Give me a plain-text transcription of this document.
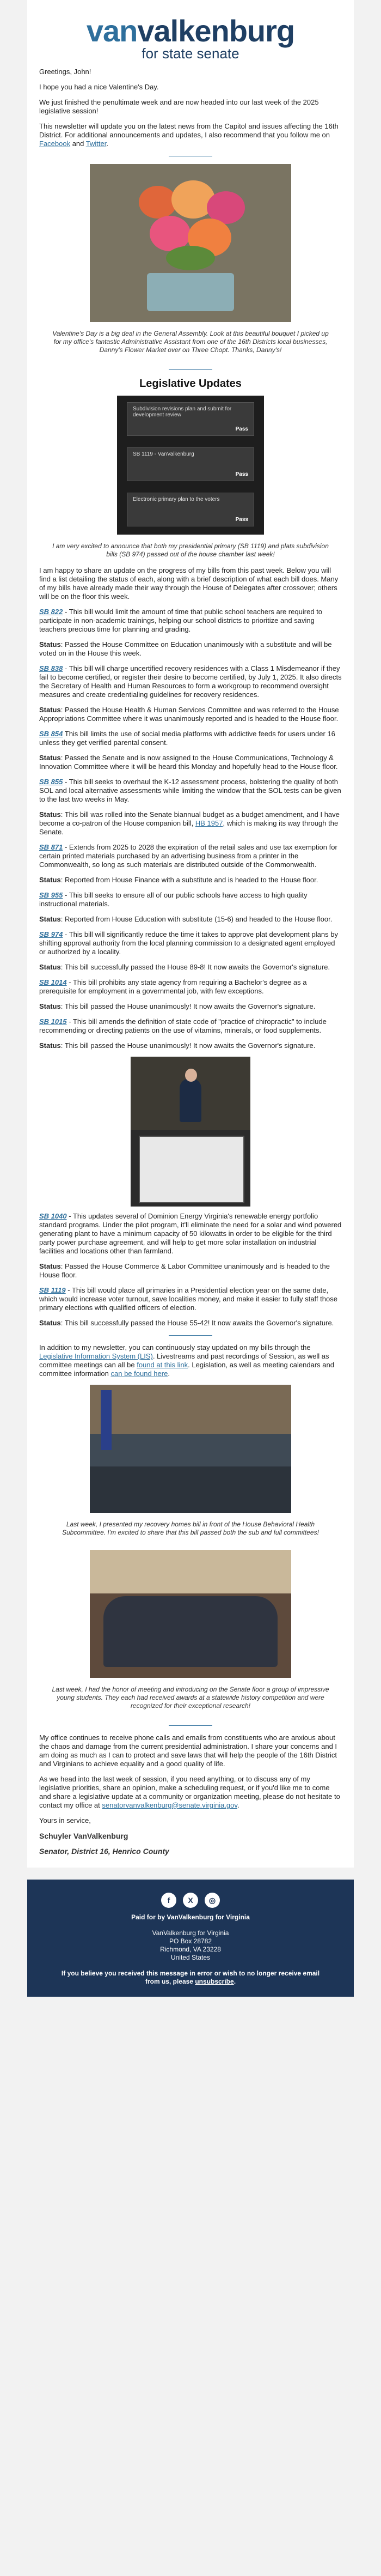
vanvalkenburg
for state senate

Greetings, John!

I hope you had a nice Valentine's Day.

We just finished the penultimate week and are now headed into our last week of the 2025 legislative session!

This newsletter will update you on the latest news from the Capitol and issues affecting the 16th District. For additional announcements and updates, I also recommend that you follow me on Facebook and Twitter.

Valentine's Day is a big deal in the General Assembly. Look at this beautiful bouquet I picked up for my office's fantastic Administrative Assistant from one of the 16th Districts local businesses, Danny's Flower Market over on Three Chopt. Thanks, Danny's!
Legislative Updates
Subdivision revisions plan and submit for development review
Pass
SB 1119 - VanValkenburg
Pass
Electronic primary plan to the voters
Pass
I am very excited to announce that both my presidential primary (SB 1119) and plats subdivision bills (SB 974) passed out of the house chamber last week!

I am happy to share an update on the progress of my bills from this past week. Below you will find a list detailing the status of each, along with a brief description of what each bill does. Many of my bills have already made their way through the House of Delegates after crossover; others will be on the floor this week.

SB 822 - This bill would limit the amount of time that public school teachers are required to participate in non-academic trainings, helping our school districts to prioritize and saving teachers precious time for planning and grading.

Status: Passed the House Committee on Education unanimously with a substitute and will be voted on in the House this week.

SB 838 - This bill will charge uncertified recovery residences with a Class 1 Misdemeanor if they fail to become certified, or register their desire to become certified, by July 1, 2025. It also directs the Secretary of Health and Human Resources to form a workgroup to recommend oversight measures and create credentialing guidelines for recovery residences.

Status: Passed the House Health & Human Services Committee and was referred to the House Appropriations Committee where it was unanimously reported and is headed to the House floor.

SB 854 This bill limits the use of social media platforms with addictive feeds for users under 16 unless they get verified parental consent.

Status: Passed the Senate and is now assigned to the House Communications, Technology & Innovation Committee where it will be heard this Monday and hopefully head to the House floor.

SB 855 - This bill seeks to overhaul the K-12 assessment process, bolstering the quality of both SOL and local alternative assessments while limiting the window that the SOL tests can be given to the last two weeks in May.

Status: This bill was rolled into the Senate biannual budget as a budget amendment, and I have become a co-patron of the House companion bill, HB 1957, which is making its way through the Senate.

SB 871 - Extends from 2025 to 2028 the expiration of the retail sales and use tax exemption for certain printed materials purchased by an advertising business from a printer in the Commonwealth, so long as such materials are distributed outside of the Commonwealth.

Status: Reported from House Finance with a substitute and is headed to the House floor.

SB 955 - This bill seeks to ensure all of our public schools have access to high quality instructional materials.

Status: Reported from House Education with substitute (15-6) and headed to the House floor.

SB 974 - This bill will significantly reduce the time it takes to approve plat development plans by shifting approval authority from the local planning commission to a designated agent employed or authorized by a locality.

Status: This bill successfully passed the House 89-8! It now awaits the Governor's signature.

SB 1014 - This bill prohibits any state agency from requiring a Bachelor's degree as a prerequisite for employment in a governmental job, with few exceptions.

Status: This bill passed the House unanimously! It now awaits the Governor's signature.

SB 1015 - This bill amends the definition of state code of "practice of chiropractic" to include recommending or directing patients on the use of vitamins, minerals, or food supplements.

Status: This bill passed the House unanimously! It now awaits the Governor's signature.

SB 1040 - This updates several of Dominion Energy Virginia's renewable energy portfolio standard programs. Under the pilot program, it'll eliminate the need for a solar and wind powered generating plant to have a minimum capacity of 50 kilowatts in order to be eligible for the third party power purchase agreement, and will help to get more solar installation on industrial facilities and locations other than farmland.

Status: Passed the House Commerce & Labor Committee unanimously and is headed to the House floor.

SB 1119 - This bill would place all primaries in a Presidential election year on the same date, which would increase voter turnout, save localities money, and make it easier to fully staff those primary elections with qualified officers of election.

Status: This bill successfully passed the House 55-42! It now awaits the Governor's signature.

In addition to my newsletter, you can continuously stay updated on my bills through the Legislative Information System (LIS). Livestreams and past recordings of Session, as well as committee meetings can all be found at this link. Legislation, as well as meeting calendars and committee information can be found here.

Last week, I presented my recovery homes bill in front of the House Behavioral Health Subcommittee. I'm excited to share that this bill passed both the sub and full committees!
Last week, I had the honor of meeting and introducing on the Senate floor a group of impressive young students. They each had received awards at a statewide history competition and were recognized for their exceptional research!

My office continues to receive phone calls and emails from constituents who are anxious about the chaos and damage from the current presidential administration. I share your concerns and I am doing as much as I can to protect and save laws that will help the people of the 16th District and Virginians to achieve equality and a good quality of life.

As we head into the last week of session, if you need anything, or to discuss any of my legislative priorities, share an opinion, make a scheduling request, or if you'd like me to come and share a legislative update at a community or organization meeting, please do not hesitate to contact my office at senatorvanvalkenburg@senate.virginia.gov.

Yours in service,

Schuyler VanValkenburg

Senator, District 16, Henrico County

f	X	◎
Paid for by VanValkenburg for Virginia
VanValkenburg for Virginia
PO Box 28782
Richmond, VA 23228
United States
If you believe you received this message in error or wish to no longer receive email from us, please unsubscribe.
